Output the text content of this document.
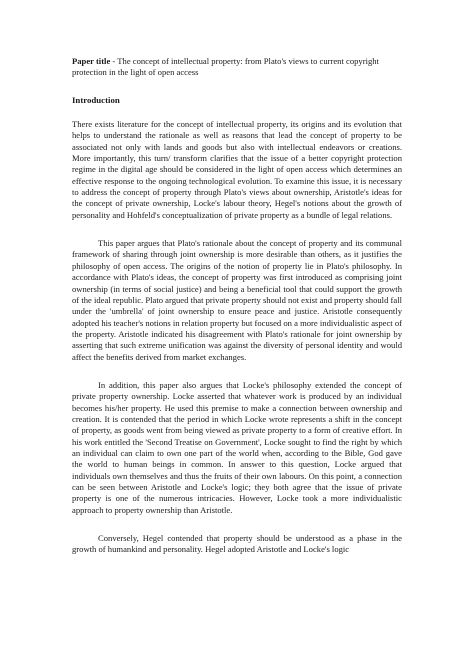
Paper title - The concept of intellectual property: from Plato's views to current copyright protection in the light of open access

Introduction

There exists literature for the concept of intellectual property, its origins and its evolution that helps to understand the rationale as well as reasons that lead the concept of property to be associated not only with lands and goods but also with intellectual endeavors or creations. More importantly, this turn/ transform clarifies that the issue of a better copyright protection regime in the digital age should be considered in the light of open access which determines an effective response to the ongoing technological evolution. To examine this issue, it is necessary to address the concept of property through Plato's views about ownership, Aristotle's ideas for the concept of private ownership, Locke's labour theory, Hegel's notions about the growth of personality and Hohfeld's conceptualization of private property as a bundle of legal relations.

This paper argues that Plato's rationale about the concept of property and its communal framework of sharing through joint ownership is more desirable than others, as it justifies the philosophy of open access. The origins of the notion of property lie in Plato's philosophy. In accordance with Plato's ideas, the concept of property was first introduced as comprising joint ownership (in terms of social justice) and being a beneficial tool that could support the growth of the ideal republic. Plato argued that private property should not exist and property should fall under the 'umbrella' of joint ownership to ensure peace and justice. Aristotle consequently adopted his teacher's notions in relation property but focused on a more individualistic aspect of the property. Aristotle indicated his disagreement with Plato's rationale for joint ownership by asserting that such extreme unification was against the diversity of personal identity and would affect the benefits derived from market exchanges.

In addition, this paper also argues that Locke's philosophy extended the concept of private property ownership. Locke asserted that whatever work is produced by an individual becomes his/her property. He used this premise to make a connection between ownership and creation. It is contended that the period in which Locke wrote represents a shift in the concept of property, as goods went from being viewed as private property to a form of creative effort. In his work entitled the 'Second Treatise on Government', Locke sought to find the right by which an individual can claim to own one part of the world when, according to the Bible, God gave the world to human beings in common. In answer to this question, Locke argued that individuals own themselves and thus the fruits of their own labours. On this point, a connection can be seen between Aristotle and Locke's logic; they both agree that the issue of private property is one of the numerous intricacies. However, Locke took a more individualistic approach to property ownership than Aristotle.

Conversely, Hegel contended that property should be understood as a phase in the growth of humankind and personality. Hegel adopted Aristotle and Locke's logic
